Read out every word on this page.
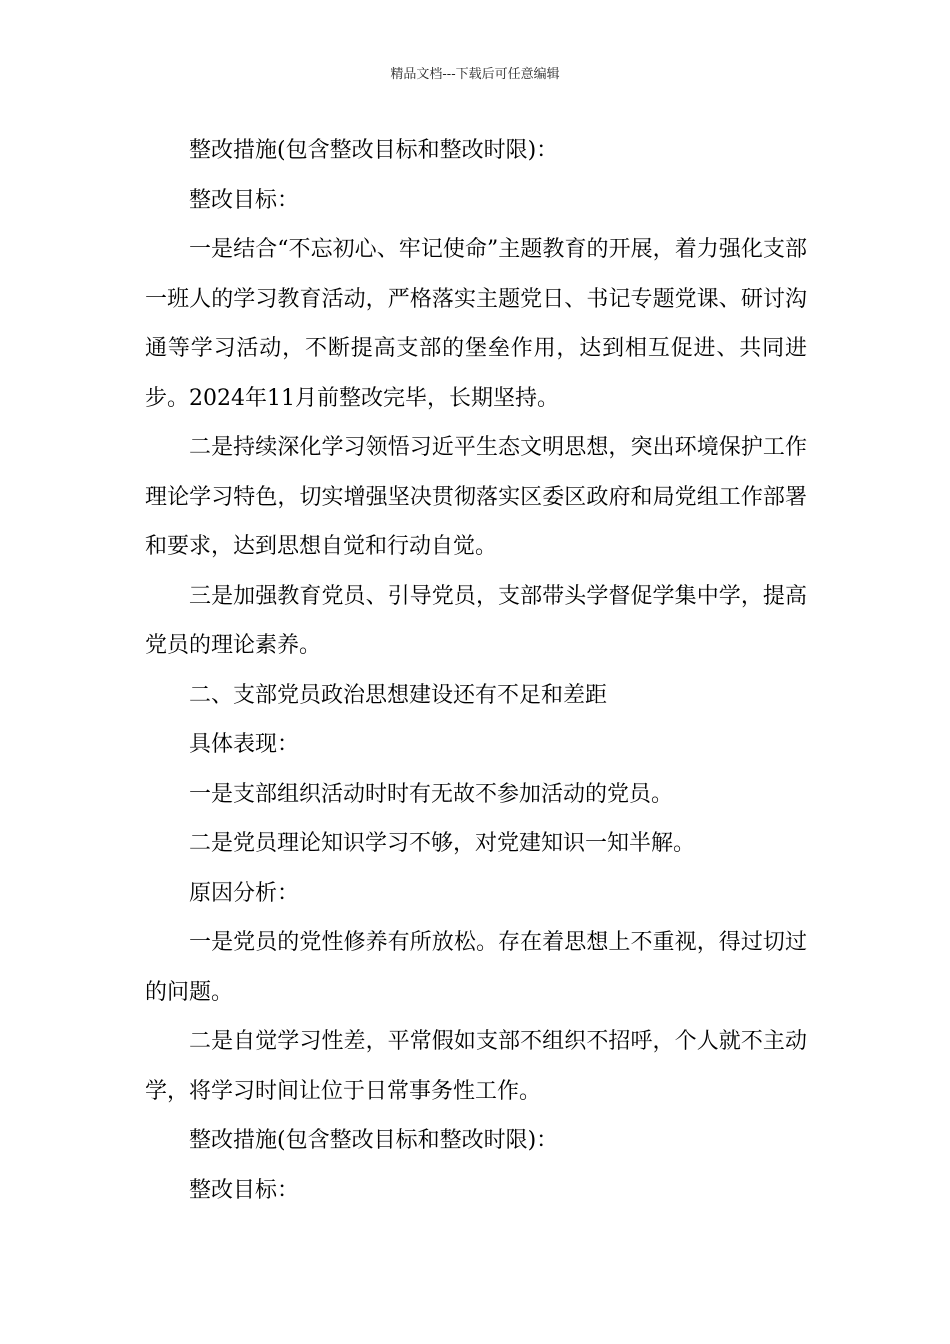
精品文档---下载后可任意编辑

整改措施(包含整改目标和整改时限)：

整改目标：

一是结合“不忘初心、牢记使命”主题教育的开展，着力强化支部一班人的学习教育活动，严格落实主题党日、书记专题党课、研讨沟通等学习活动，不断提高支部的堡垒作用，达到相互促进、共同进步。2024年11月前整改完毕，长期坚持。

二是持续深化学习领悟习近平生态文明思想，突出环境保护工作理论学习特色，切实增强坚决贯彻落实区委区政府和局党组工作部署和要求，达到思想自觉和行动自觉。

三是加强教育党员、引导党员，支部带头学督促学集中学，提高党员的理论素养。

二、支部党员政治思想建设还有不足和差距

具体表现：

一是支部组织活动时时有无故不参加活动的党员。

二是党员理论知识学习不够，对党建知识一知半解。

原因分析：

一是党员的党性修养有所放松。存在着思想上不重视，得过切过的问题。

二是自觉学习性差，平常假如支部不组织不招呼，个人就不主动学，将学习时间让位于日常事务性工作。

整改措施(包含整改目标和整改时限)：

整改目标：
